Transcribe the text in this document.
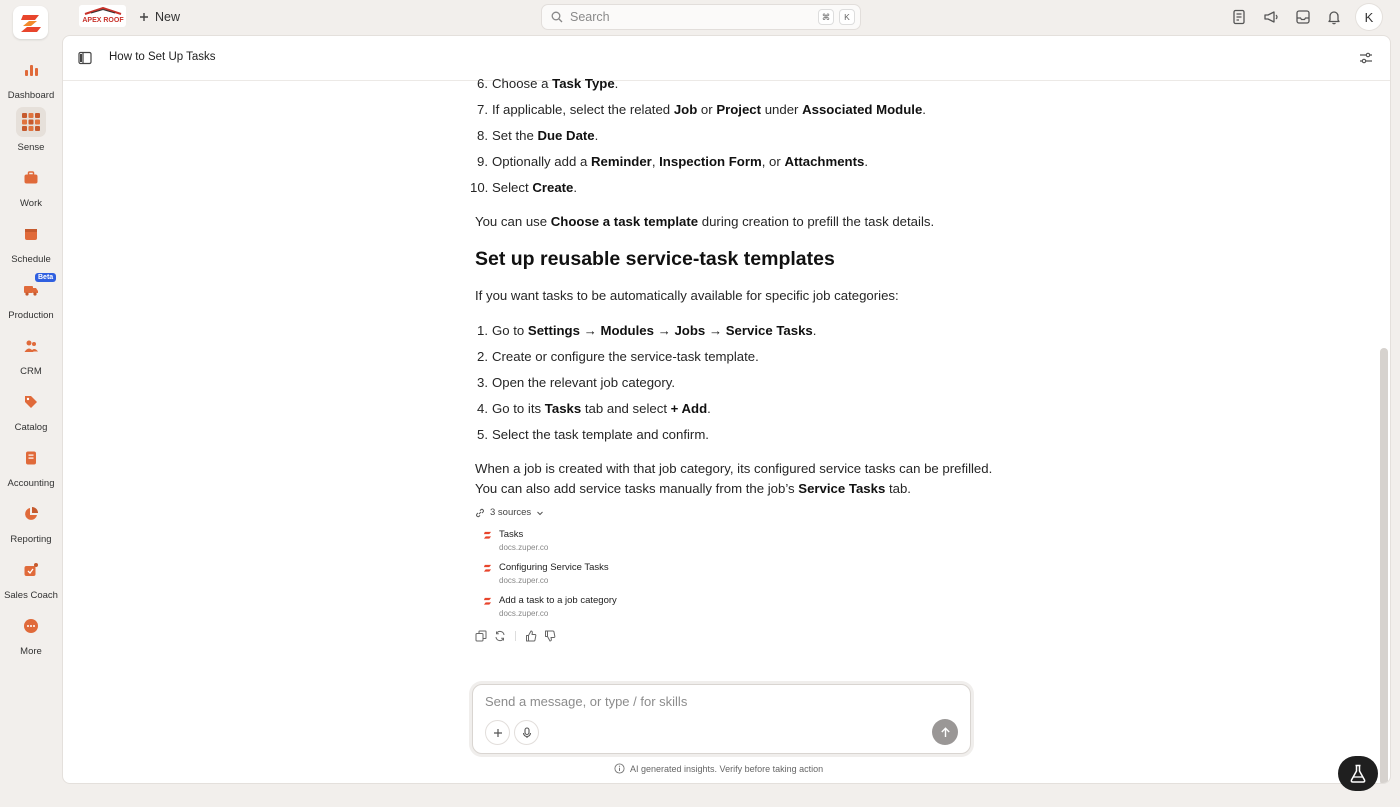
Dashboard
Sense
Work
Schedule
Beta
Production
CRM
Catalog
Accounting
Reporting
Sales Coach
More
APEX ROOF	New	Search	⌘	K	K
How to Set Up Tasks
6. Choose a Task Type.
7. If applicable, select the related Job or Project under Associated Module.
8. Set the Due Date.
9. Optionally add a Reminder, Inspection Form, or Attachments.
10. Select Create.
You can use Choose a task template during creation to prefill the task details.
Set up reusable service-task templates
If you want tasks to be automatically available for specific job categories:
1. Go to Settings → Modules → Jobs → Service Tasks.
2. Create or configure the service-task template.
3. Open the relevant job category.
4. Go to its Tasks tab and select + Add.
5. Select the task template and confirm.
When a job is created with that job category, its configured service tasks can be prefilled.
You can also add service tasks manually from the job’s Service Tasks tab.
3 sources
Tasks
docs.zuper.co
Configuring Service Tasks
docs.zuper.co
Add a task to a job category
docs.zuper.co
Send a message, or type / for skills
AI generated insights. Verify before taking action
